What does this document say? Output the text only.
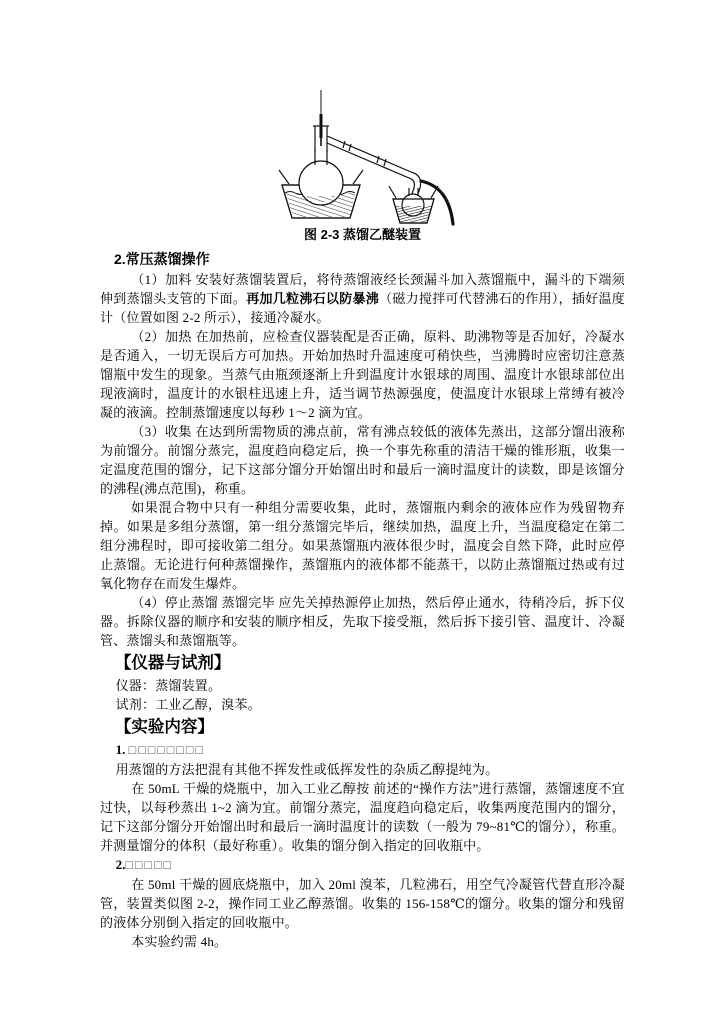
图 2-3 蒸馏乙醚装置
2.常压蒸馏操作

（1）加料 安装好蒸馏装置后，将待蒸馏液经长颈漏斗加入蒸馏瓶中，漏斗的下端须伸到蒸馏头支管的下面。再加几粒沸石以防暴沸（磁力搅拌可代替沸石的作用），插好温度计（位置如图 2-2 所示），接通冷凝水。

（2）加热 在加热前，应检查仪器装配是否正确，原料、助沸物等是否加好，冷凝水是否通入，一切无误后方可加热。开始加热时升温速度可稍快些，当沸腾时应密切注意蒸馏瓶中发生的现象。当蒸气由瓶颈逐渐上升到温度计水银球的周围、温度计水银球部位出现液滴时，温度计的水银柱迅速上升，适当调节热源强度，使温度计水银球上常缚有被冷凝的液滴。控制蒸馏速度以每秒 1～2 滴为宜。

（3）收集 在达到所需物质的沸点前，常有沸点较低的液体先蒸出，这部分馏出液称为前馏分。前馏分蒸完，温度趋向稳定后，换一个事先称重的清洁干燥的锥形瓶，收集一定温度范围的馏分，记下这部分馏分开始馏出时和最后一滴时温度计的读数，即是该馏分的沸程(沸点范围)，称重。

如果混合物中只有一种组分需要收集，此时，蒸馏瓶内剩余的液体应作为残留物弃掉。如果是多组分蒸馏，第一组分蒸馏完毕后，继续加热，温度上升，当温度稳定在第二组分沸程时，即可接收第二组分。如果蒸馏瓶内液体很少时，温度会自然下降，此时应停止蒸馏。无论进行何种蒸馏操作，蒸馏瓶内的液体都不能蒸干，以防止蒸馏瓶过热或有过氧化物存在而发生爆炸。

（4）停止蒸馏 蒸馏完毕 应先关掉热源停止加热，然后停止通水，待稍冷后，拆下仪器。拆除仪器的顺序和安装的顺序相反，先取下接受瓶，然后拆下接引管、温度计、冷凝管、蒸馏头和蒸馏瓶等。

【仪器与试剂】

仪器：蒸馏装置。

试剂：工业乙醇，溴苯。

【实验内容】

1. □□□□□□□□

用蒸馏的方法把混有其他不挥发性或低挥发性的杂质乙醇提纯为。

在 50mL 干燥的烧瓶中，加入工业乙醇按 前述的“操作方法”进行蒸馏，蒸馏速度不宜过快，以每秒蒸出 1~2 滴为宜。前馏分蒸完，温度趋向稳定后，收集两度范围内的馏分，记下这部分馏分开始馏出时和最后一滴时温度计的读数（一般为 79~81℃的馏分），称重。并测量馏分的体积（最好称重）。收集的馏分倒入指定的回收瓶中。

2.□□□□□

在 50ml 干燥的圆底烧瓶中，加入 20ml 溴苯，几粒沸石，用空气冷凝管代替直形冷凝管，装置类似图 2-2，操作同工业乙醇蒸馏。收集的 156-158℃的馏分。收集的馏分和残留的液体分别倒入指定的回收瓶中。

本实验约需 4h。
